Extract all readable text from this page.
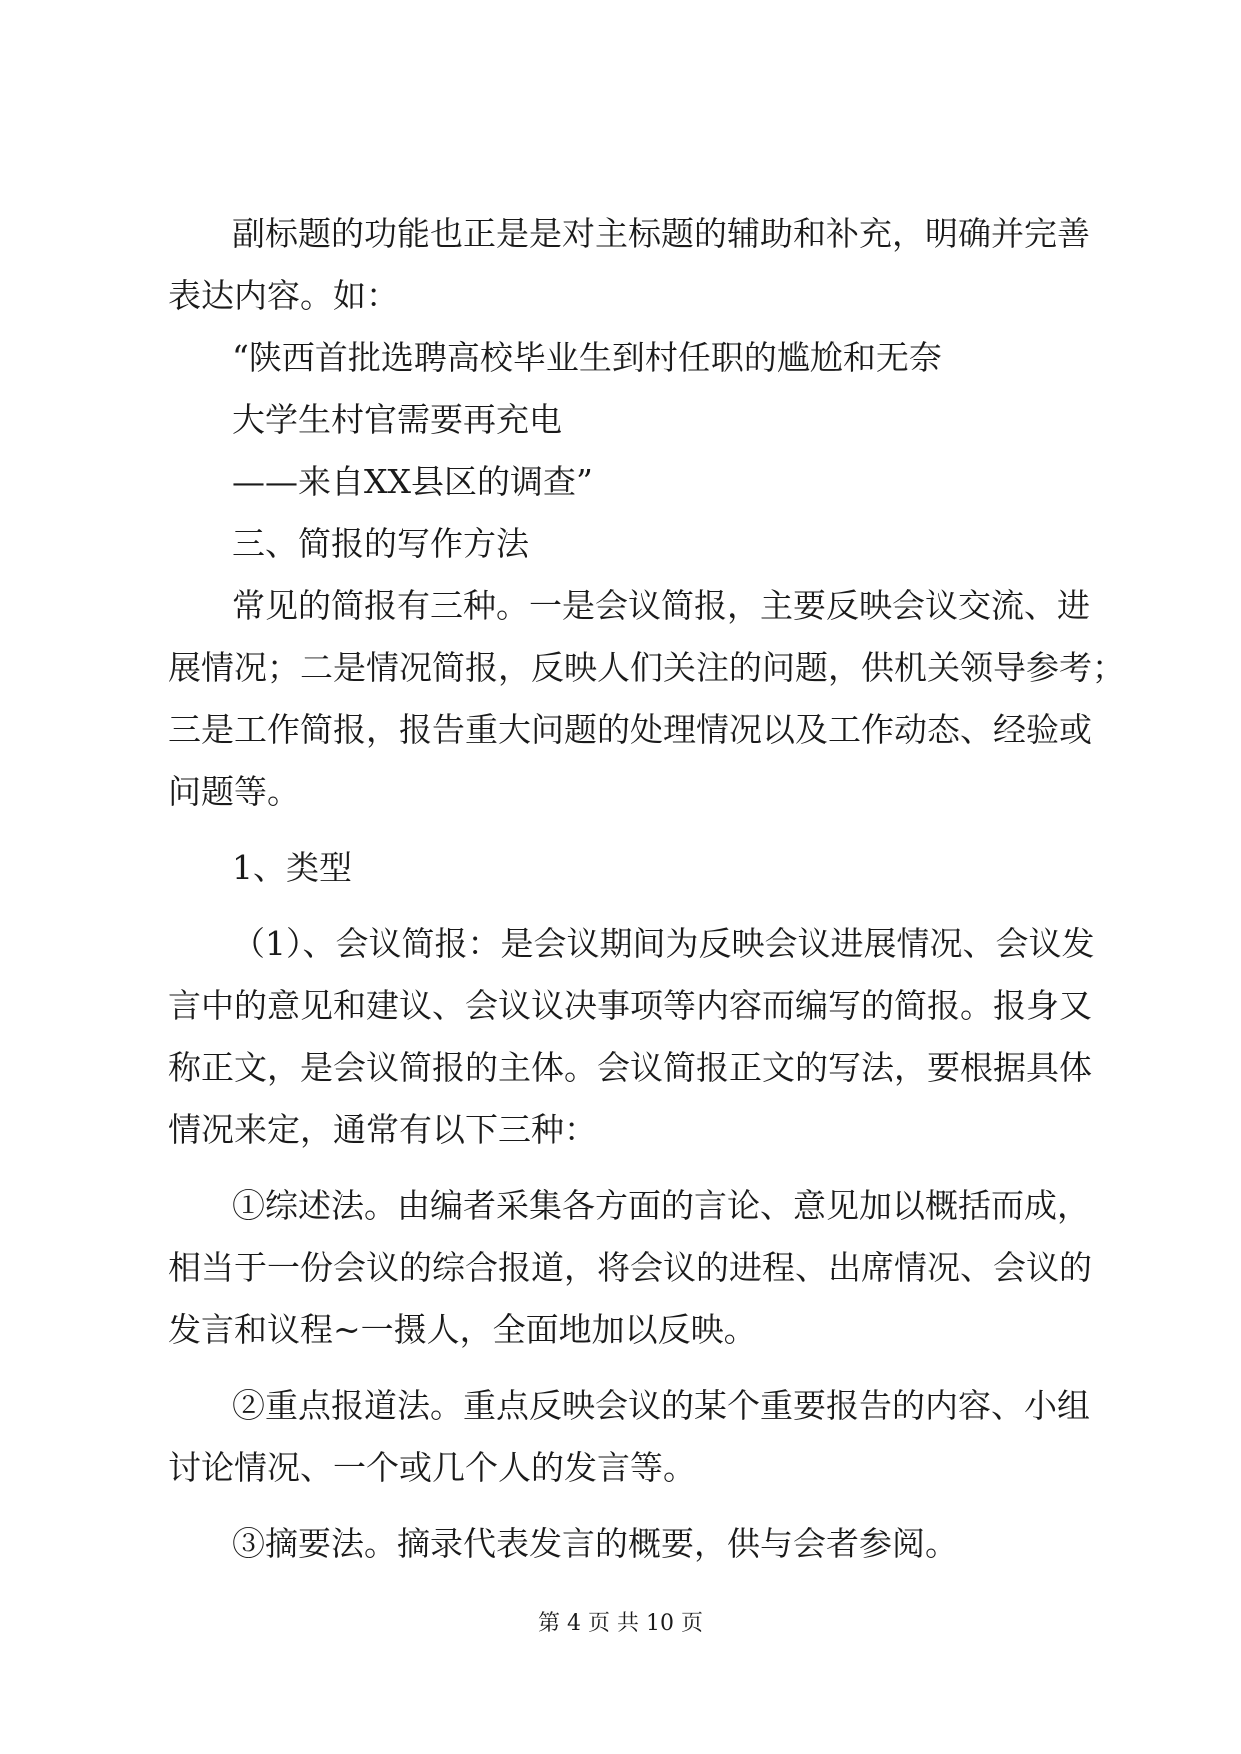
副标题的功能也正是是对主标题的辅助和补充，明确并完善
表达内容。如：
“陕西首批选聘高校毕业生到村任职的尴尬和无奈
大学生村官需要再充电
——来自XX县区的调查”
三、简报的写作方法
常见的简报有三种。一是会议简报，主要反映会议交流、进
展情况；二是情况简报，反映人们关注的问题，供机关领导参考；
三是工作简报，报告重大问题的处理情况以及工作动态、经验或
问题等。
1、类型
（1）、会议简报：是会议期间为反映会议进展情况、会议发
言中的意见和建议、会议议决事项等内容而编写的简报。报身又
称正文，是会议简报的主体。会议简报正文的写法，要根据具体
情况来定，通常有以下三种：
①综述法。由编者采集各方面的言论、意见加以概括而成，
相当于一份会议的综合报道，将会议的进程、出席情况、会议的
发言和议程~一摄人，全面地加以反映。
②重点报道法。重点反映会议的某个重要报告的内容、小组
讨论情况、一个或几个人的发言等。
③摘要法。摘录代表发言的概要，供与会者参阅。
第 4 页 共 10 页
